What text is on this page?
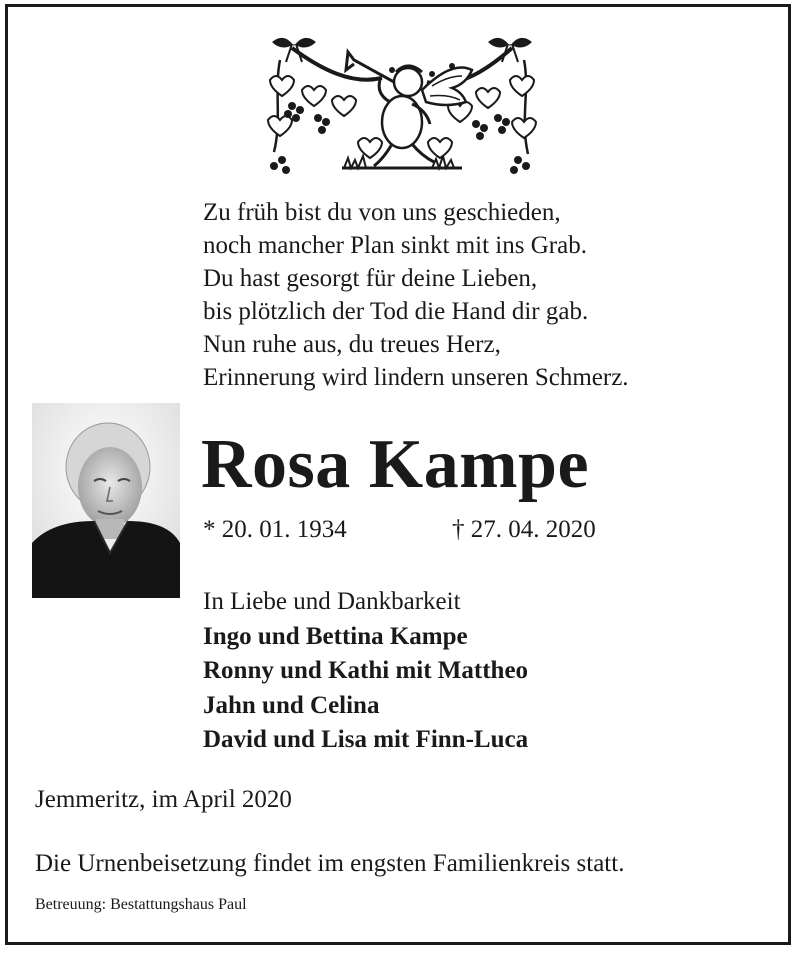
Zu früh bist du von uns geschieden,
noch mancher Plan sinkt mit ins Grab.
Du hast gesorgt für deine Lieben,
bis plötzlich der Tod die Hand dir gab.
Nun ruhe aus, du treues Herz,
Erinnerung wird lindern unseren Schmerz.
Rosa Kampe
* 20. 01. 1934	† 27. 04. 2020
In Liebe und Dankbarkeit
Ingo und Bettina Kampe
Ronny und Kathi mit Mattheo
Jahn und Celina
David und Lisa mit Finn-Luca
Jemmeritz, im April 2020
Die Urnenbeisetzung findet im engsten Familienkreis statt.
Betreuung: Bestattungshaus Paul
